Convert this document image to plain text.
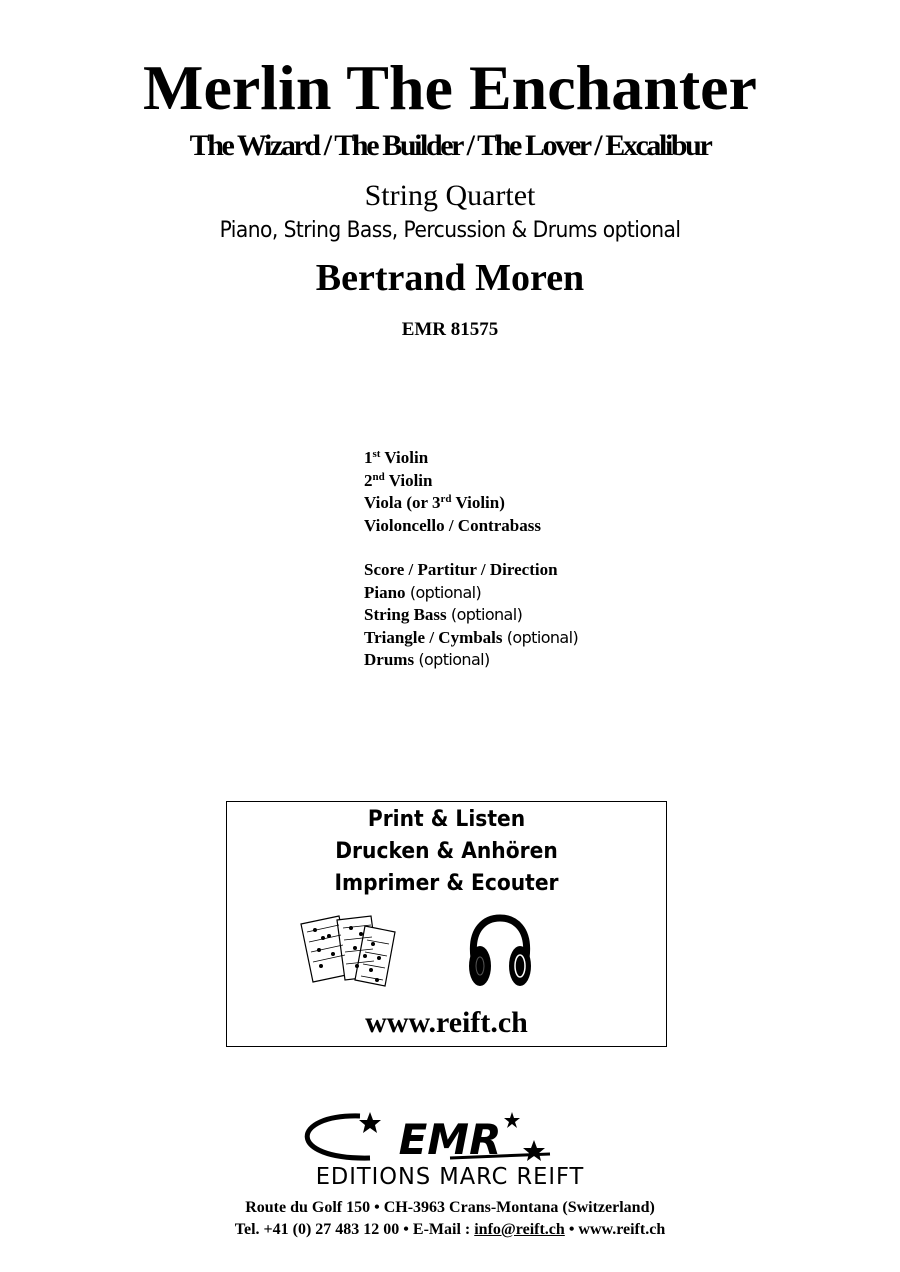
Merlin The Enchanter
The Wizard / The Builder / The Lover / Excalibur
String Quartet
Piano, String Bass, Percussion & Drums optional
Bertrand Moren
EMR 81575
1st Violin
2nd Violin
Viola (or 3rd Violin)
Violoncello / Contrabass
Score / Partitur / Direction
Piano (optional)
String Bass (optional)
Triangle / Cymbals (optional)
Drums (optional)
Print & Listen
Drucken & Anhören
Imprimer & Ecouter
www.reift.ch
EMR
EDITIONS MARC REIFT
Route du Golf 150 • CH-3963 Crans-Montana (Switzerland)
Tel. +41 (0) 27 483 12 00 • E-Mail : info@reift.ch • www.reift.ch
